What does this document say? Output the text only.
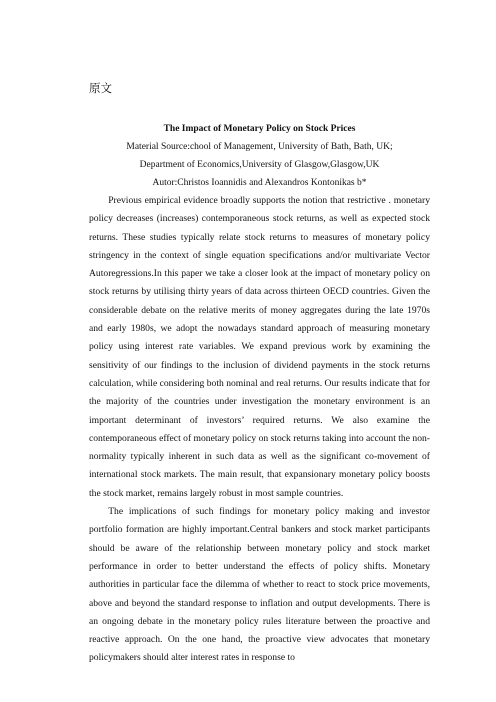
原文

The Impact of Monetary Policy on Stock Prices

Material Source:chool of Management, University of Bath, Bath, UK;

Department of Economics,University of Glasgow,Glasgow,UK

Autor:Christos Ioannidis and Alexandros Kontonikas b*

Previous empirical evidence broadly supports the notion that restrictive . monetary policy decreases (increases) contemporaneous stock returns, as well as expected stock returns. These studies typically relate stock returns to measures of monetary policy stringency in the context of single equation specifications and/or multivariate Vector Autoregressions.In this paper we take a closer look at the impact of monetary policy on stock returns by utilising thirty years of data across thirteen OECD countries. Given the considerable debate on the relative merits of money aggregates during the late 1970s and early 1980s, we adopt the nowadays standard approach of measuring monetary policy using interest rate variables. We expand previous work by examining the sensitivity of our findings to the inclusion of dividend payments in the stock returns calculation, while considering both nominal and real returns. Our results indicate that for the majority of the countries under investigation the monetary environment is an important determinant of investors’ required returns. We also examine the contemporaneous effect of monetary policy on stock returns taking into account the non-normality typically inherent in such data as well as the significant co-movement of international stock markets. The main result, that expansionary monetary policy boosts the stock market, remains largely robust in most sample countries.

The implications of such findings for monetary policy making and investor portfolio formation are highly important.Central bankers and stock market participants should be aware of the relationship between monetary policy and stock market performance in order to better understand the effects of policy shifts. Monetary authorities in particular face the dilemma of whether to react to stock price movements, above and beyond the standard response to inflation and output developments. There is an ongoing debate in the monetary policy rules literature between the proactive and reactive approach. On the one hand, the proactive view advocates that monetary policymakers should alter interest rates in response to
